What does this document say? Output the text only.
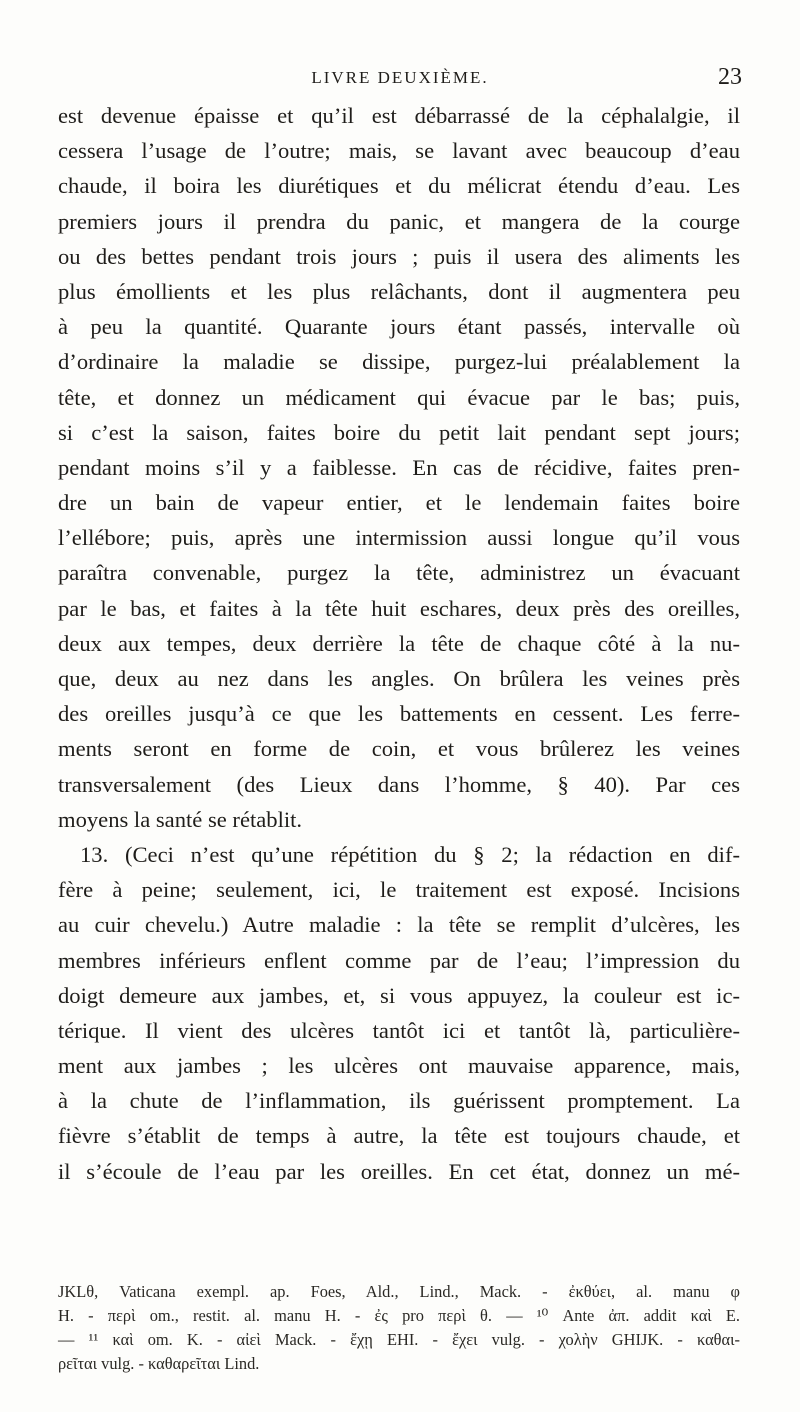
LIVRE DEUXIÈME.	23
est devenue épaisse et qu’il est débarrassé de la céphalalgie, il
cessera l’usage de l’outre; mais, se lavant avec beaucoup d’eau
chaude, il boira les diurétiques et du mélicrat étendu d’eau. Les
premiers jours il prendra du panic, et mangera de la courge
ou des bettes pendant trois jours ; puis il usera des aliments les
plus émollients et les plus relâchants, dont il augmentera peu
à peu la quantité. Quarante jours étant passés, intervalle où
d’ordinaire la maladie se dissipe, purgez-lui préalablement la
tête, et donnez un médicament qui évacue par le bas; puis,
si c’est la saison, faites boire du petit lait pendant sept jours;
pendant moins s’il y a faiblesse. En cas de récidive, faites pren-
dre un bain de vapeur entier, et le lendemain faites boire
l’ellébore; puis, après une intermission aussi longue qu’il vous
paraîtra convenable, purgez la tête, administrez un évacuant
par le bas, et faites à la tête huit eschares, deux près des oreilles,
deux aux tempes, deux derrière la tête de chaque côté à la nu-
que, deux au nez dans les angles. On brûlera les veines près
des oreilles jusqu’à ce que les battements en cessent. Les ferre-
ments seront en forme de coin, et vous brûlerez les veines
transversalement (des Lieux dans l’homme, § 40). Par ces
moyens la santé se rétablit.
13. (Ceci n’est qu’une répétition du § 2; la rédaction en dif-
fère à peine; seulement, ici, le traitement est exposé. Incisions
au cuir chevelu.) Autre maladie : la tête se remplit d’ulcères, les
membres inférieurs enflent comme par de l’eau; l’impression du
doigt demeure aux jambes, et, si vous appuyez, la couleur est ic-
térique. Il vient des ulcères tantôt ici et tantôt là, particulière-
ment aux jambes ; les ulcères ont mauvaise apparence, mais,
à la chute de l’inflammation, ils guérissent promptement. La
fièvre s’établit de temps à autre, la tête est toujours chaude, et
il s’écoule de l’eau par les oreilles. En cet état, donnez un mé-
JKLθ, Vaticana exempl. ap. Foes, Ald., Lind., Mack. - ἐκθύει, al. manu φ
H. - περὶ om., restit. al. manu H. - ἐς pro περὶ θ. — ¹⁰ Ante ἀπ. addit καὶ E.
— ¹¹ καὶ om. K. - αἰεὶ Mack. - ἔχῃ EHI. - ἔχει vulg. - χολὴν GHIJK. - καθαι-
ρεῖται vulg. - καθαρεῖται Lind.
